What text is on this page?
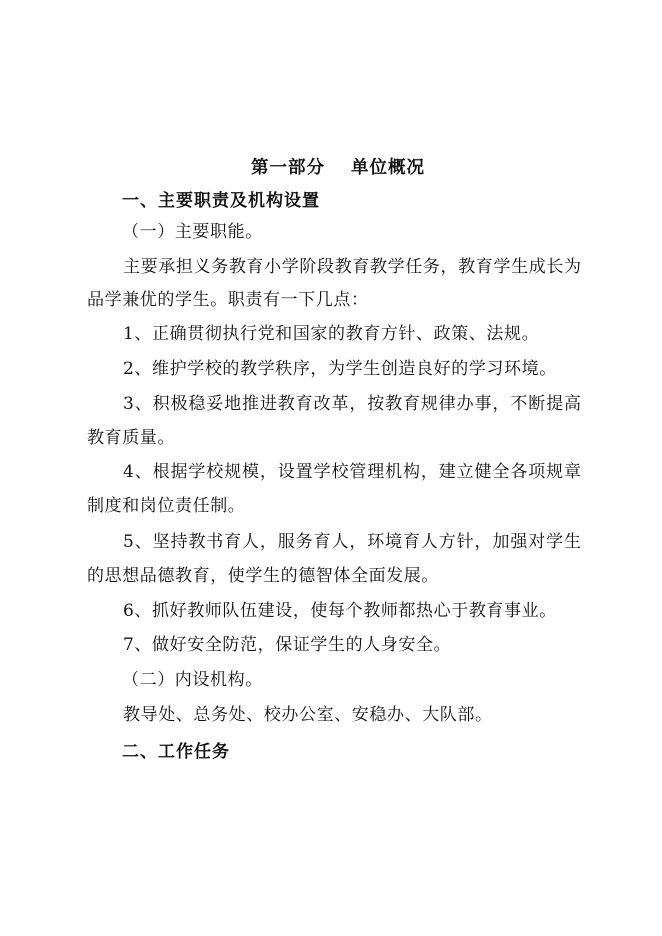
第一部分 单位概况
一、主要职责及机构设置
（一）主要职能。
主要承担义务教育小学阶段教育教学任务，教育学生成长为
品学兼优的学生。职责有一下几点：
1、正确贯彻执行党和国家的教育方针、政策、法规。
2、维护学校的教学秩序，为学生创造良好的学习环境。
3、积极稳妥地推进教育改革，按教育规律办事，不断提高
教育质量。
4、根据学校规模，设置学校管理机构，建立健全各项规章
制度和岗位责任制。
5、坚持教书育人，服务育人，环境育人方针，加强对学生
的思想品德教育，使学生的德智体全面发展。
6、抓好教师队伍建设，使每个教师都热心于教育事业。
7、做好安全防范，保证学生的人身安全。
（二）内设机构。
教导处、总务处、校办公室、安稳办、大队部。
二、工作任务
